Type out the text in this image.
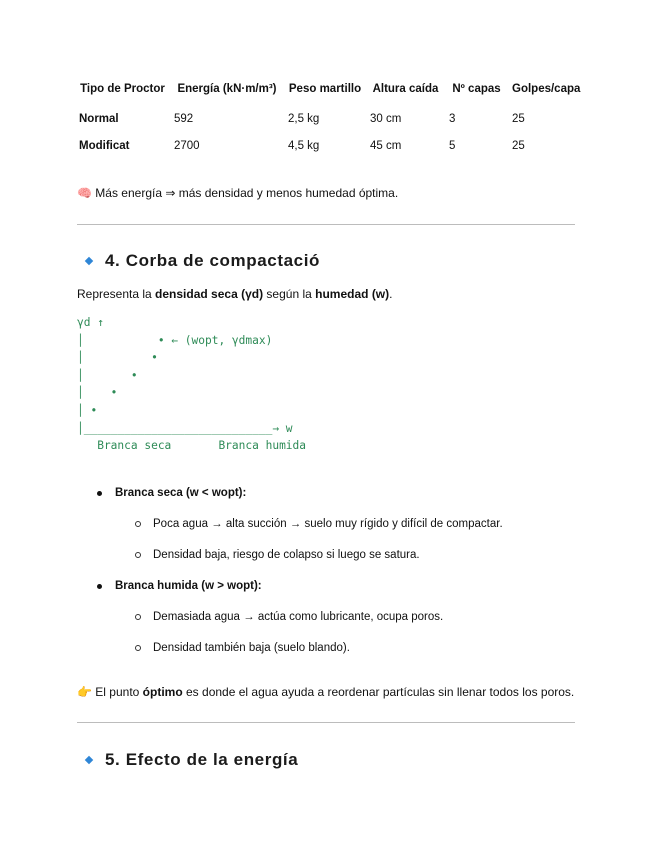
Tipo de Proctor	Energía (kN·m/m³)	Peso martillo	Altura caída	Nº capas	Golpes/capa
Normal	592	2,5 kg	30 cm	3	25
Modificat	2700	4,5 kg	45 cm	5	25
🧠 Más energía ⇒ más densidad y menos humedad óptima.
4. Corba de compactació
Representa la densidad seca (γd) según la humedad (w).
γd ↑
│           • ← (wopt, γdmax)
│          •
│       •
│    •
│ •
│____________________________→ w
Branca seca       Branca humida
Branca seca (w < wopt):
Poca agua → alta succión → suelo muy rígido y difícil de compactar.
Densidad baja, riesgo de colapso si luego se satura.
Branca humida (w > wopt):
Demasiada agua → actúa como lubricante, ocupa poros.
Densidad también baja (suelo blando).
👉 El punto óptimo es donde el agua ayuda a reordenar partículas sin llenar todos los poros.
5. Efecto de la energía
